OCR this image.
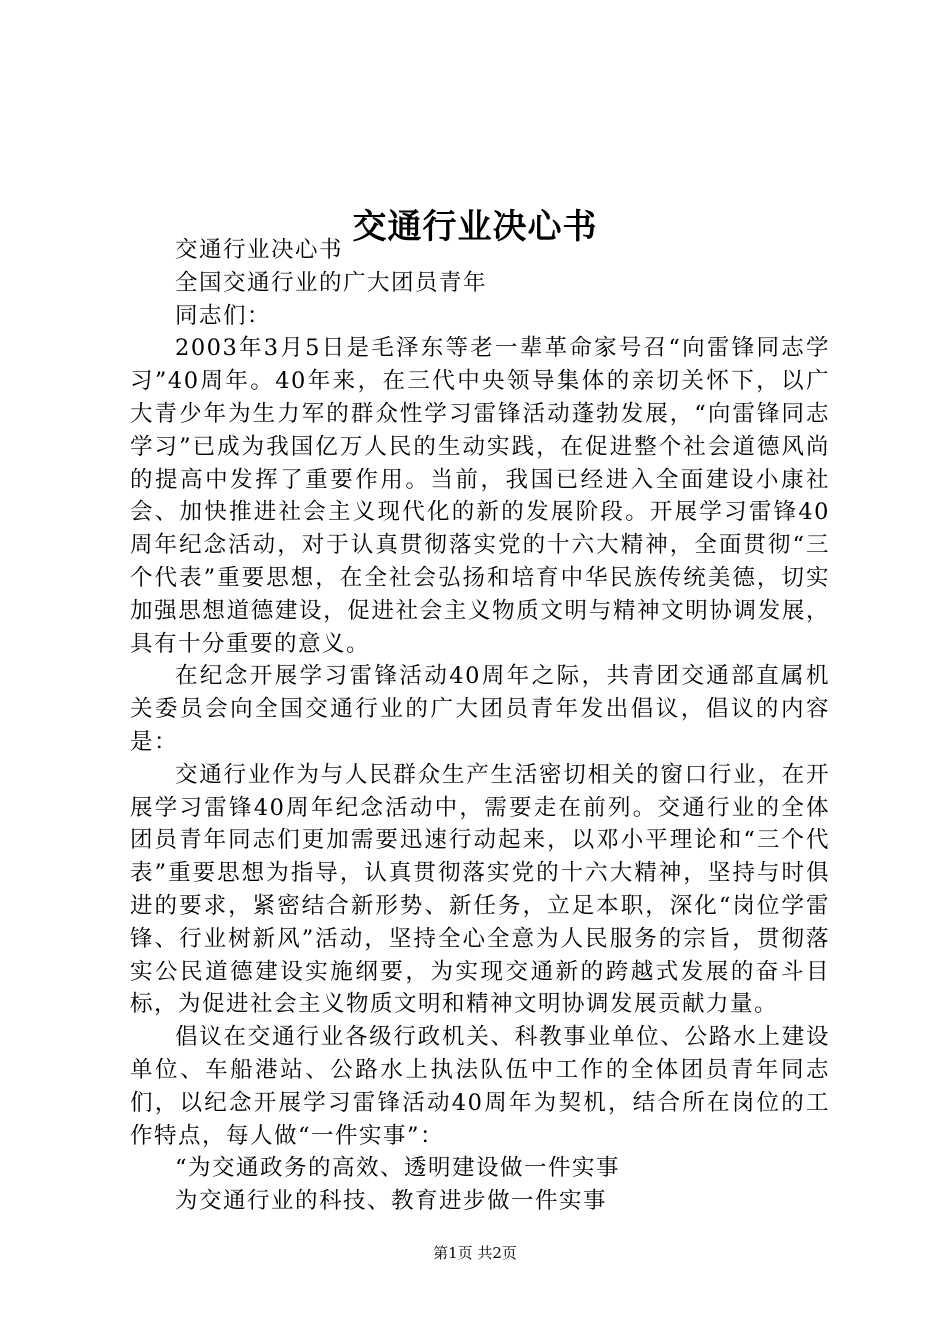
交通行业决心书

交通行业决心书

全国交通行业的广大团员青年

同志们：

2003年3月5日是毛泽东等老一辈革命家号召“向雷锋同志学习”40周年。40年来，在三代中央领导集体的亲切关怀下，以广大青少年为生力军的群众性学习雷锋活动蓬勃发展，“向雷锋同志学习”已成为我国亿万人民的生动实践，在促进整个社会道德风尚的提高中发挥了重要作用。当前，我国已经进入全面建设小康社会、加快推进社会主义现代化的新的发展阶段。开展学习雷锋40周年纪念活动，对于认真贯彻落实党的十六大精神，全面贯彻“三个代表”重要思想，在全社会弘扬和培育中华民族传统美德，切实加强思想道德建设，促进社会主义物质文明与精神文明协调发展，具有十分重要的意义。

在纪念开展学习雷锋活动40周年之际，共青团交通部直属机关委员会向全国交通行业的广大团员青年发出倡议，倡议的内容是：

交通行业作为与人民群众生产生活密切相关的窗口行业，在开展学习雷锋40周年纪念活动中，需要走在前列。交通行业的全体团员青年同志们更加需要迅速行动起来，以邓小平理论和“三个代表”重要思想为指导，认真贯彻落实党的十六大精神，坚持与时俱进的要求，紧密结合新形势、新任务，立足本职，深化“岗位学雷锋、行业树新风”活动，坚持全心全意为人民服务的宗旨，贯彻落实公民道德建设实施纲要，为实现交通新的跨越式发展的奋斗目标，为促进社会主义物质文明和精神文明协调发展贡献力量。

倡议在交通行业各级行政机关、科教事业单位、公路水上建设单位、车船港站、公路水上执法队伍中工作的全体团员青年同志们，以纪念开展学习雷锋活动40周年为契机，结合所在岗位的工作特点，每人做“一件实事”：

“为交通政务的高效、透明建设做一件实事

为交通行业的科技、教育进步做一件实事

第1页 共2页
